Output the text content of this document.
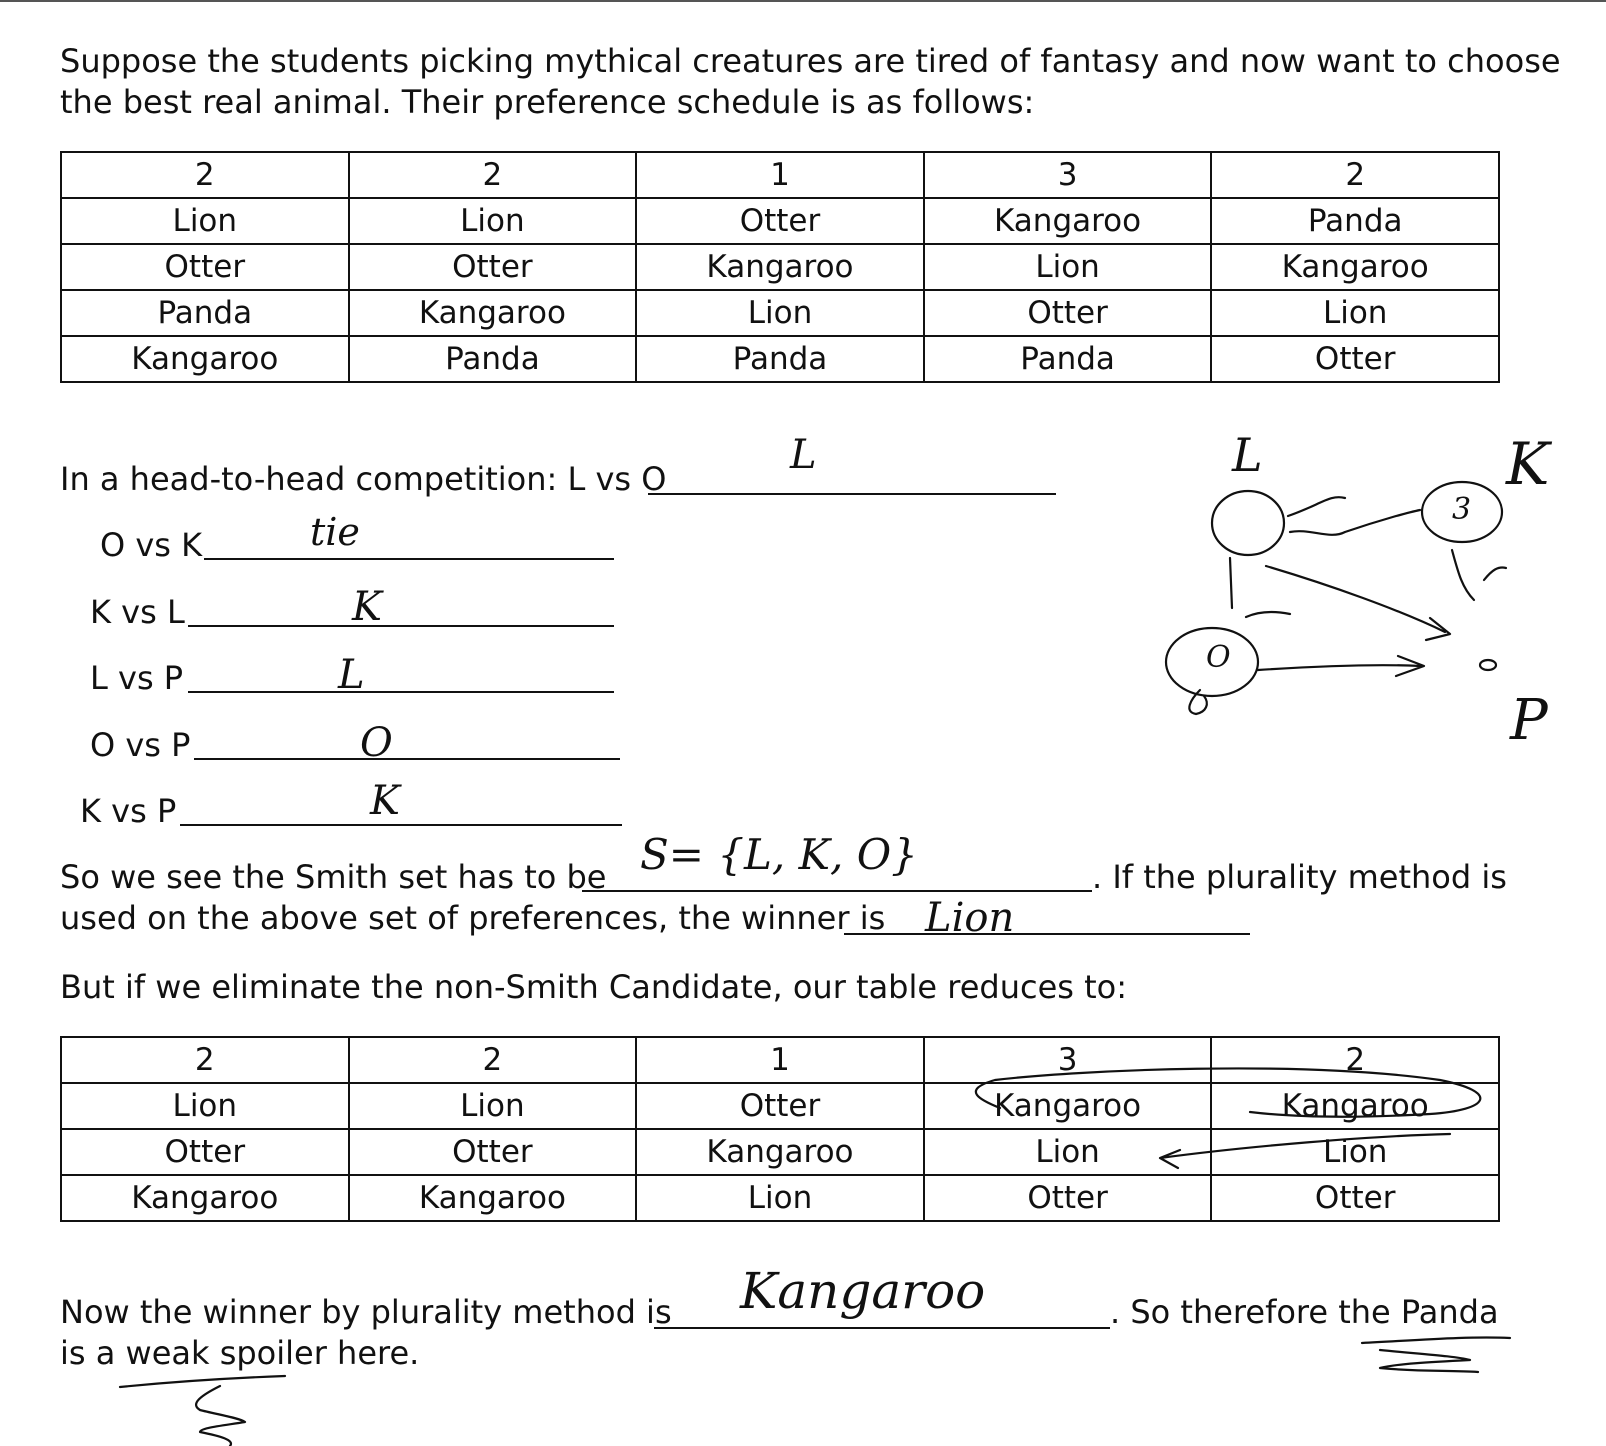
Suppose the students picking mythical creatures are tired of fantasy and now want to choose
the best real animal. Their preference schedule is as follows:
2	2	1	3	2
Lion	Lion	Otter	Kangaroo	Panda
Otter	Otter	Kangaroo	Lion	Kangaroo
Panda	Kangaroo	Lion	Otter	Lion
Kangaroo	Panda	Panda	Panda	Otter
In a head-to-head competition: L vs O
L
O vs K	tie
K vs L	K
L vs P	L
O vs P	O
K vs P	K
So we see the Smith set has to be S= {L, K, O}	. If the plurality method is
used on the above set of preferences, the winner is Lion
But if we eliminate the non-Smith Candidate, our table reduces to:
2	2	1	3	2
Lion	Lion	Otter	Kangaroo	Kangaroo
Otter	Otter	Kangaroo	Lion	Lion
Kangaroo	Kangaroo	Lion	Otter	Otter
Now the winner by plurality method is Kangaroo	. So therefore the Panda
is a weak spoiler here.
L	K
O
P
3
